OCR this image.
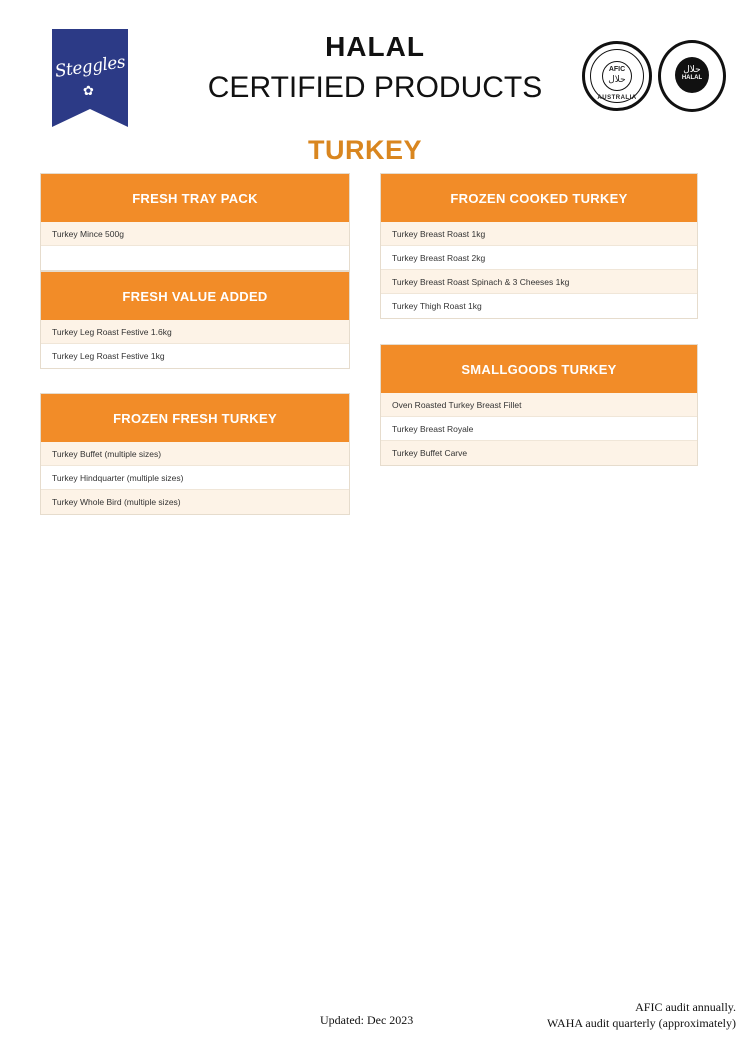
Steggles
✿
HALAL
CERTIFIED PRODUCTS
AFIC
حلال
AUSTRALIA
حلال
HALAL
TURKEY
FRESH TRAY PACK
Turkey Mince 500g
FRESH VALUE ADDED
Turkey Leg Roast Festive 1.6kg
Turkey Leg Roast Festive 1kg
FROZEN FRESH TURKEY
Turkey Buffet (multiple sizes)
Turkey Hindquarter (multiple sizes)
Turkey Whole Bird (multiple sizes)
FROZEN COOKED TURKEY
Turkey Breast Roast 1kg
Turkey Breast Roast 2kg
Turkey Breast Roast Spinach & 3 Cheeses 1kg
Turkey Thigh Roast 1kg
SMALLGOODS TURKEY
Oven Roasted Turkey Breast Fillet
Turkey Breast Royale
Turkey Buffet Carve
Updated: Dec 2023
AFIC audit annually.
WAHA audit quarterly (approximately)
